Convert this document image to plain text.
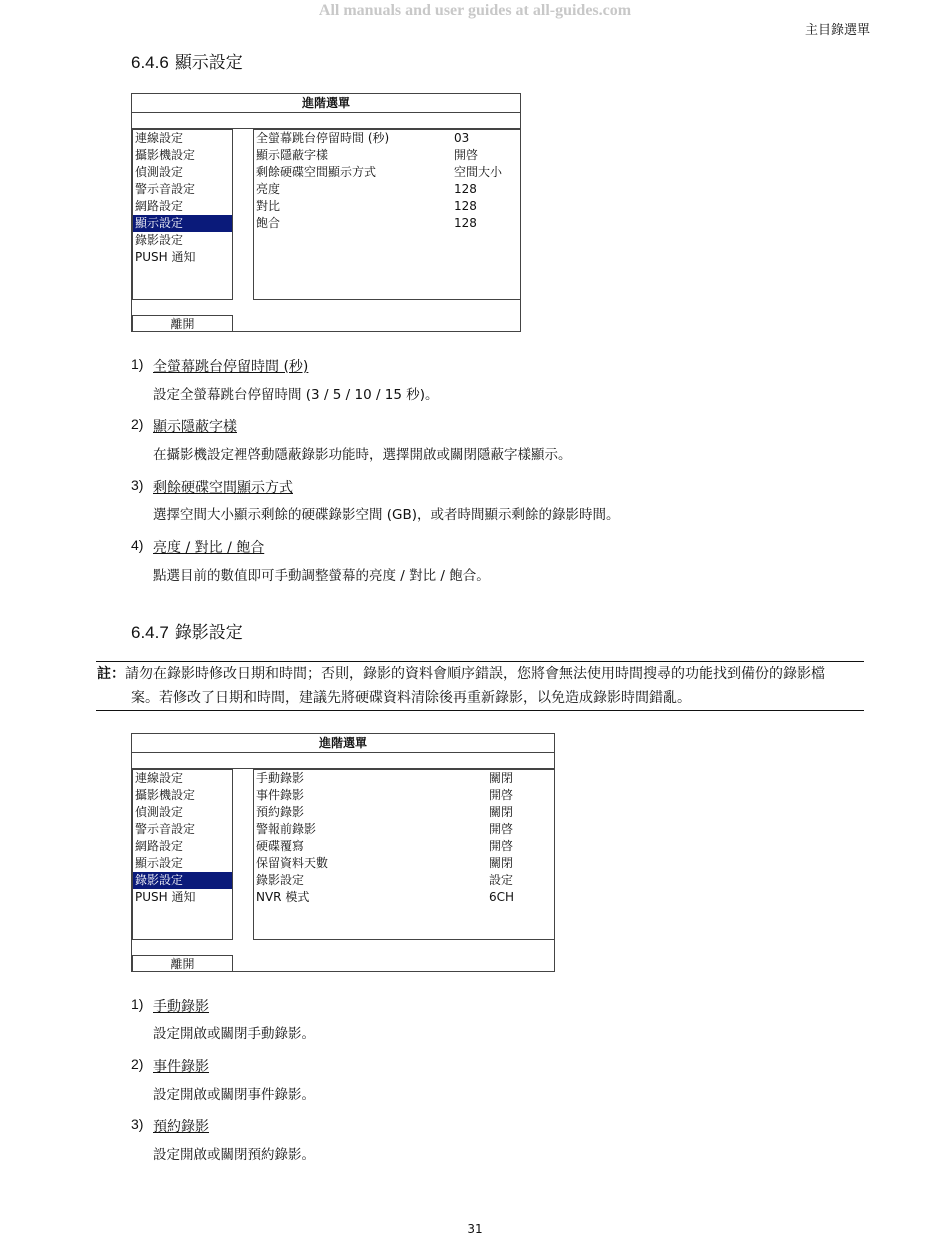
All manuals and user guides at all-guides.com
主目錄選單
6.4.6 顯示設定
進階選單
連線設定
攝影機設定
偵測設定
警示音設定
網路設定
顯示設定
錄影設定
PUSH 通知
全螢幕跳台停留時間 (秒)	03
顯示隱蔽字樣	開啓
剩餘硬碟空間顯示方式	空間大小
亮度	128
對比	128
飽合	128
離開
1) 全螢幕跳台停留時間 (秒)
設定全螢幕跳台停留時間 (3 / 5 / 10 / 15 秒)。
2) 顯示隱蔽字樣
在攝影機設定裡啓動隱蔽錄影功能時，選擇開啟或關閉隱蔽字樣顯示。
3) 剩餘硬碟空間顯示方式
選擇空間大小顯示剩餘的硬碟錄影空間 (GB)，或者時間顯示剩餘的錄影時間。
4) 亮度 / 對比 / 飽合
點選目前的數值即可手動調整螢幕的亮度 / 對比 / 飽合。
6.4.7 錄影設定
註：請勿在錄影時修改日期和時間；否則，錄影的資料會順序錯誤，您將會無法使用時間搜尋的功能找到備份的錄影檔
案。若修改了日期和時間，建議先將硬碟資料清除後再重新錄影，以免造成錄影時間錯亂。
進階選單
連線設定
攝影機設定
偵測設定
警示音設定
網路設定
顯示設定
錄影設定
PUSH 通知
手動錄影	關閉
事件錄影	開啓
預約錄影	關閉
警報前錄影	開啓
硬碟覆寫	開啓
保留資料天數	關閉
錄影設定	設定
NVR 模式	6CH
離開
1) 手動錄影
設定開啟或關閉手動錄影。
2) 事件錄影
設定開啟或關閉事件錄影。
3) 預約錄影
設定開啟或關閉預約錄影。
31
